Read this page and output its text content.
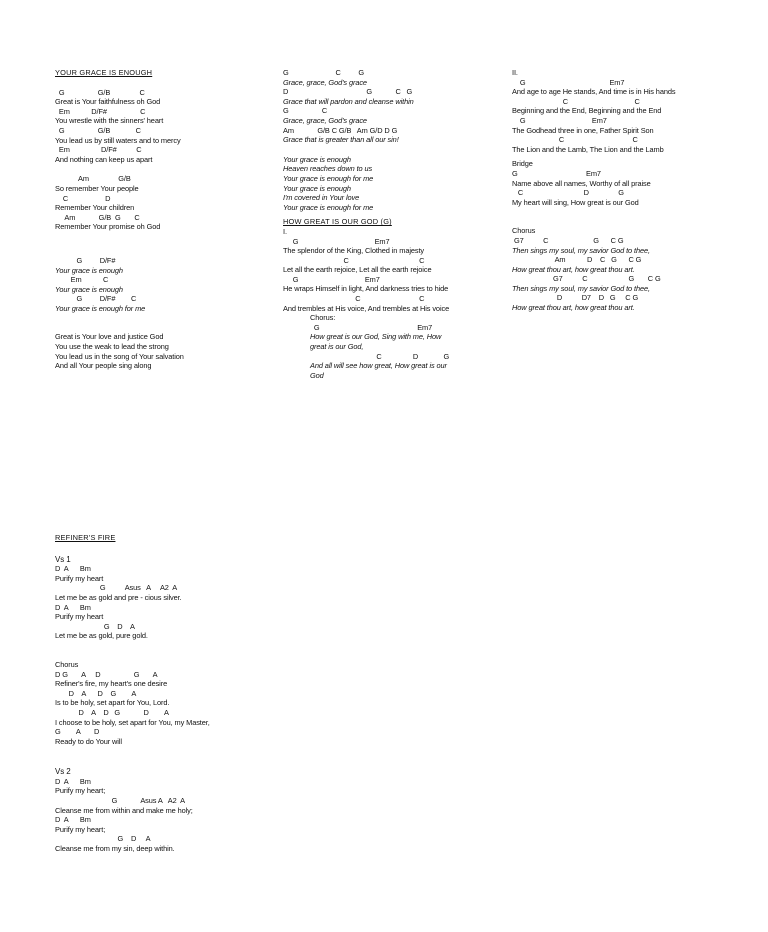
YOUR GRACE IS ENOUGH
G                 G/B               C
Great is Your faithfulness oh God
Em           D/F#                 C
You wrestle with the sinners' heart
G                 G/B             C
You lead us by still waters and to mercy
Em                D/F#          C
And nothing can keep us apart
Am               G/B
So remember Your people
C                   D
Remember Your children
Am            G/B  G       C
Remember Your promise oh God
G         D/F#
Your grace is enough
Em           C
Your grace is enough
G         D/F#        C
Your grace is enough for me
Great is Your love and justice God
You use the weak to lead the strong
You lead us in the song of Your salvation
And all Your people sing along
G                        C         G
Grace, grace, God's grace
D                                        G            C   G
Grace that will pardon and cleanse within
G                 C
Grace, grace, God's grace
Am            G/B C G/B   Am G/D D G
Grace that is greater than all our sin!
Your grace is enough
Heaven reaches down to us
Your grace is enough for me
Your grace is enough
I'm covered in Your love
Your grace is enough for me
HOW GREAT IS OUR GOD (G)
I.
G                                       Em7
The splendor of the King, Clothed in majesty
C                                    C
Let all the earth rejoice, Let all the earth rejoice
G                                  Em7
He wraps Himself in light, And darkness tries to hide
C                              C
And trembles at His voice, And trembles at His voice
Chorus:
G                                                  Em7
How great is our God, Sing with me, How
great is our God,
C                D             G
And all will see how great, How great is our
God
II.
G                                           Em7
And age to age He stands, And time is in His hands
C                                  C
Beginning and the End, Beginning and the End
G                                  Em7
The Godhead three in one, Father Spirit Son
C                                   C
The Lion and the Lamb, The Lion and the Lamb
Bridge
G                                   Em7
Name above all names, Worthy of all praise
C                               D               G
My heart will sing, How great is our God
Chorus
G7          C                       G      C G
Then sings my soul, my savior God to thee,
Am           D    C   G      C G
How great thou art, how great thou art.
G7          C                     G       C G
Then sings my soul, my savior God to thee,
D          D7    D   G     C G
How great thou art, how great thou art.
REFINER'S FIRE
Vs 1
D  A      Bm
Purify my heart
G          Asus   A     A2  A
Let me be as gold and pre - cious silver.
D  A      Bm
Purify my heart
G    D    A
Let me be as gold, pure gold.
Chorus
D G       A     D                 G       A
Refiner's fire, my heart's one desire
D    A      D    G        A
Is to be holy, set apart for You, Lord.
D    A    D   G            D        A
I choose to be holy, set apart for You, my Master,
G        A       D
Ready to do Your will
Vs 2
D  A      Bm
Purify my heart;
G            Asus A   A2  A
Cleanse me from within and make me holy;
D  A      Bm
Purify my heart;
G    D     A
Cleanse me from my sin, deep within.
